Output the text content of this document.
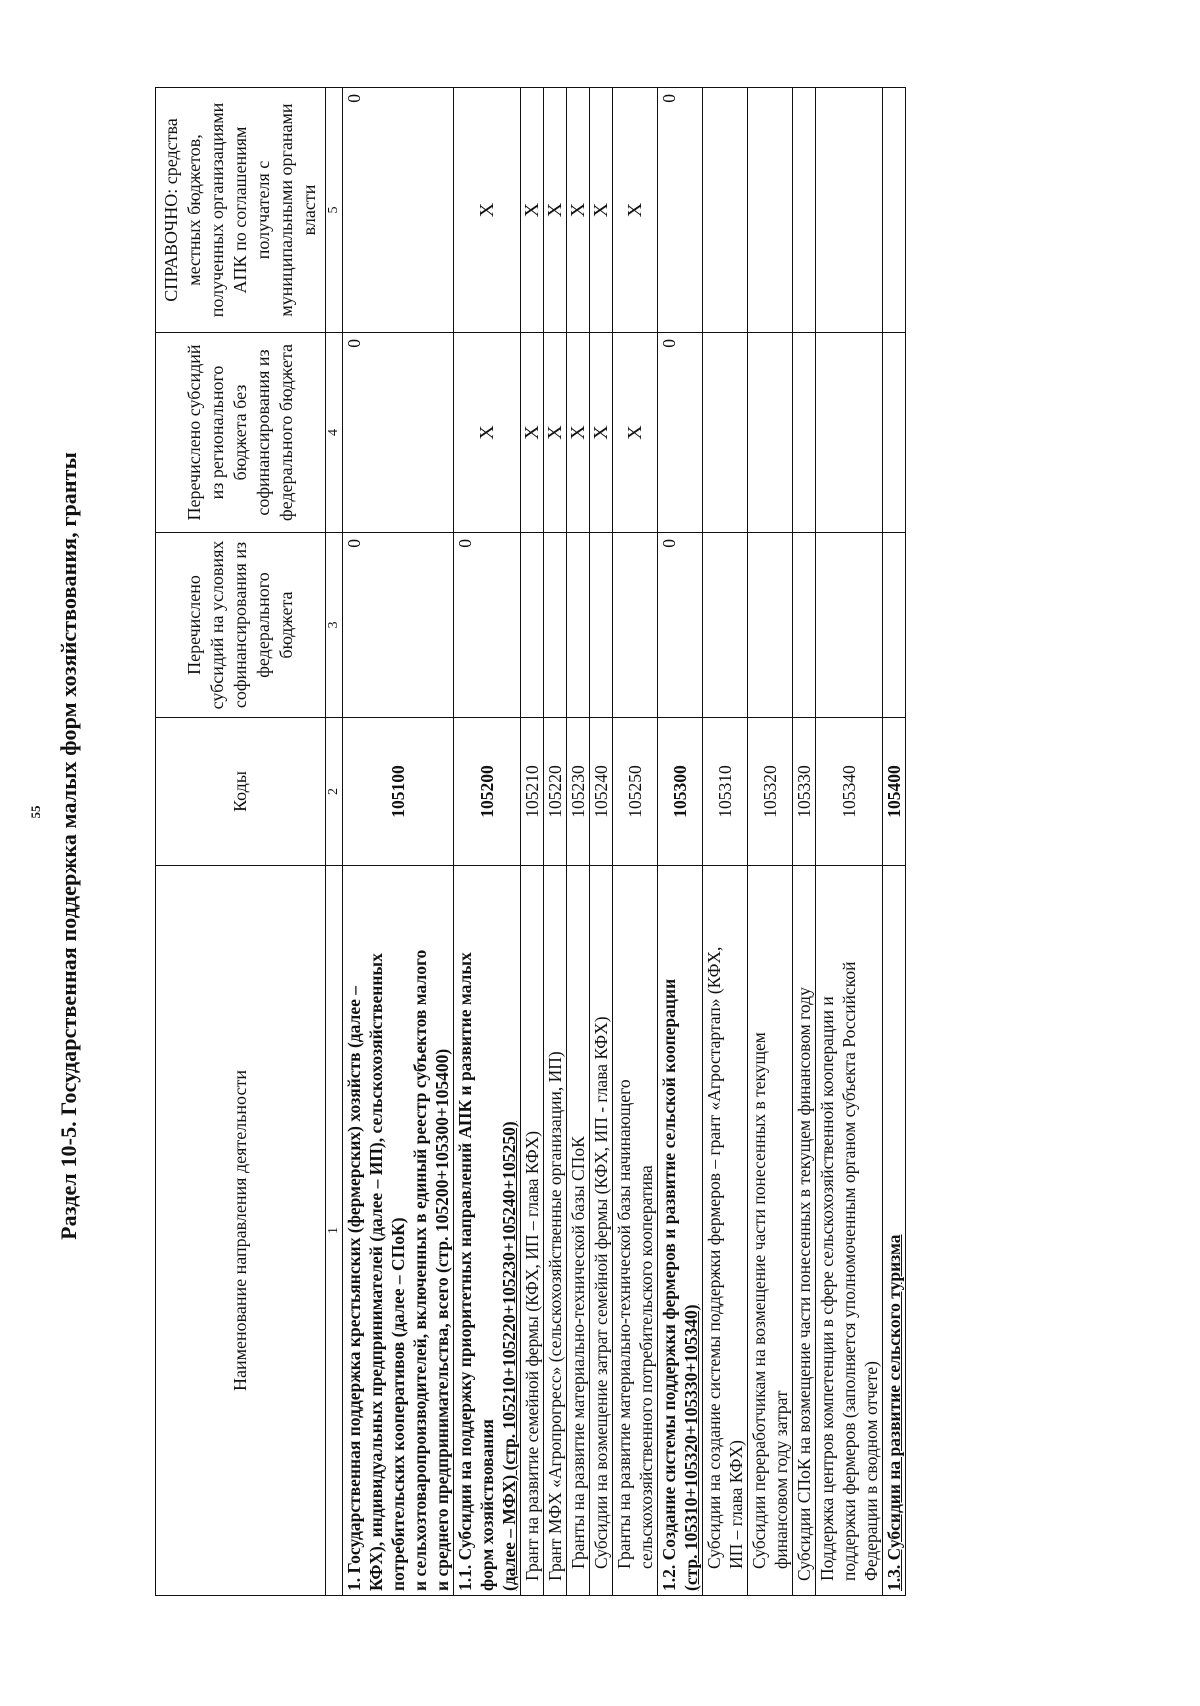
55 Раздел 10-5. Государственная поддержка малых форм хозяйствования, гранты	Наименование направления деятельности	Коды	Перечислено субсидий на условиях софинансирования из федерального бюджета	Перечислено субсидий из регионального бюджета без софинансирования из федерального бюджета	СПРАВОЧНО: средства местных бюджетов, полученных организациями АПК по соглашениям получателя с муниципальными органами власти
1	2	3	4	5

1. Государственная поддержка крестьянских (фермерских) хозяйств (далее – КФХ), индивидуальных предпринимателей (далее – ИП), сельскохозяйственных потребительских кооперативов (далее – СПоК) и сельхозтоваропроизводителей, включенных в единый реестр субъектов малого и среднего предпринимательства, всего (стр. 105200+105300+105400)	105100	0	0	0

1.1. Субсидии на поддержку приоритетных направлений АПК и развитие малых форм хозяйствования (далее – МФХ) (стр. 105210+105220+105230+105240+105250)	105200	0	X	X

Грант на развитие семейной фермы (КФХ, ИП – глава КФХ)	105210		X	X

Грант МФХ «Агропрогресс» (сельскохозяйственные организации, ИП)	105220		X	X

Гранты на развитие материально-технической базы СПоК	105230		X	X

Субсидии на возмещение затрат семейной фермы (КФХ, ИП - глава КФХ)	105240		X	X

Гранты на развитие материально-технической базы начинающего сельскохозяйственного потребительского кооператива	105250		X	X

1.2. Создание системы поддержки фермеров и развитие сельской кооперации (стр. 105310+105320+105330+105340)	105300	0	0	0

Субсидии на создание системы поддержки фермеров – грант «Агростартап» (КФХ, ИП – глава КФХ)	105310			

Субсидии переработчикам на возмещение части понесенных в текущем финансовом году затрат	105320			

Субсидии СПоК на возмещение части понесенных в текущем финансовом году	105330			

Поддержка центров компетенции в сфере сельскохозяйственной кооперации и поддержки фермеров (заполняется уполномоченным органом субъекта Российской Федерации в сводном отчете)	105340			

1.3. Субсидии на развитие сельского туризма	105400			
